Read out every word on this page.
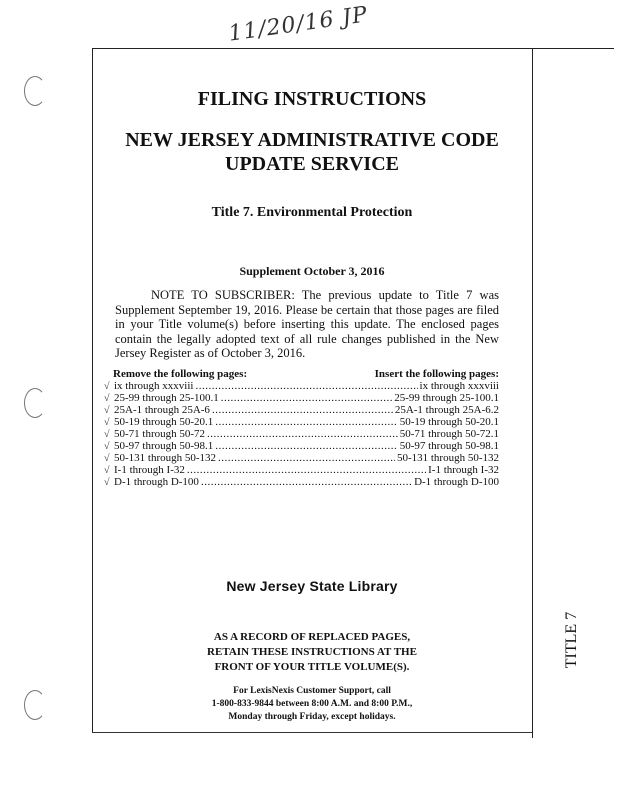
11/20/16 JP
FILING INSTRUCTIONS
NEW JERSEY ADMINISTRATIVE CODE
UPDATE SERVICE
Title 7. Environmental Protection
Supplement October 3, 2016
NOTE TO SUBSCRIBER: The previous update to Title 7 was Supplement September 19, 2016. Please be certain that those pages are filed in your Title volume(s) before inserting this update. The enclosed pages contain the legally adopted text of all rule changes published in the New Jersey Register as of October 3, 2016.
Remove the following pages:	Insert the following pages:
√ ix through xxxviii .....	ix through xxxviii
√ 25-99 through 25-100.1 .....	25-99 through 25-100.1
√ 25A-1 through 25A-6 .....	25A-1 through 25A-6.2
√ 50-19 through 50-20.1 .....	50-19 through 50-20.1
√ 50-71 through 50-72 .....	50-71 through 50-72.1
√ 50-97 through 50-98.1 .....	50-97 through 50-98.1
√ 50-131 through 50-132 .....	50-131 through 50-132
√ I-1 through I-32 .....	I-1 through I-32
√ D-1 through D-100 .....	D-1 through D-100
New Jersey State Library
AS A RECORD OF REPLACED PAGES,
RETAIN THESE INSTRUCTIONS AT THE
FRONT OF YOUR TITLE VOLUME(S).
For LexisNexis Customer Support, call
1-800-833-9844 between 8:00 A.M. and 8:00 P.M.,
Monday through Friday, except holidays.
TITLE 7
